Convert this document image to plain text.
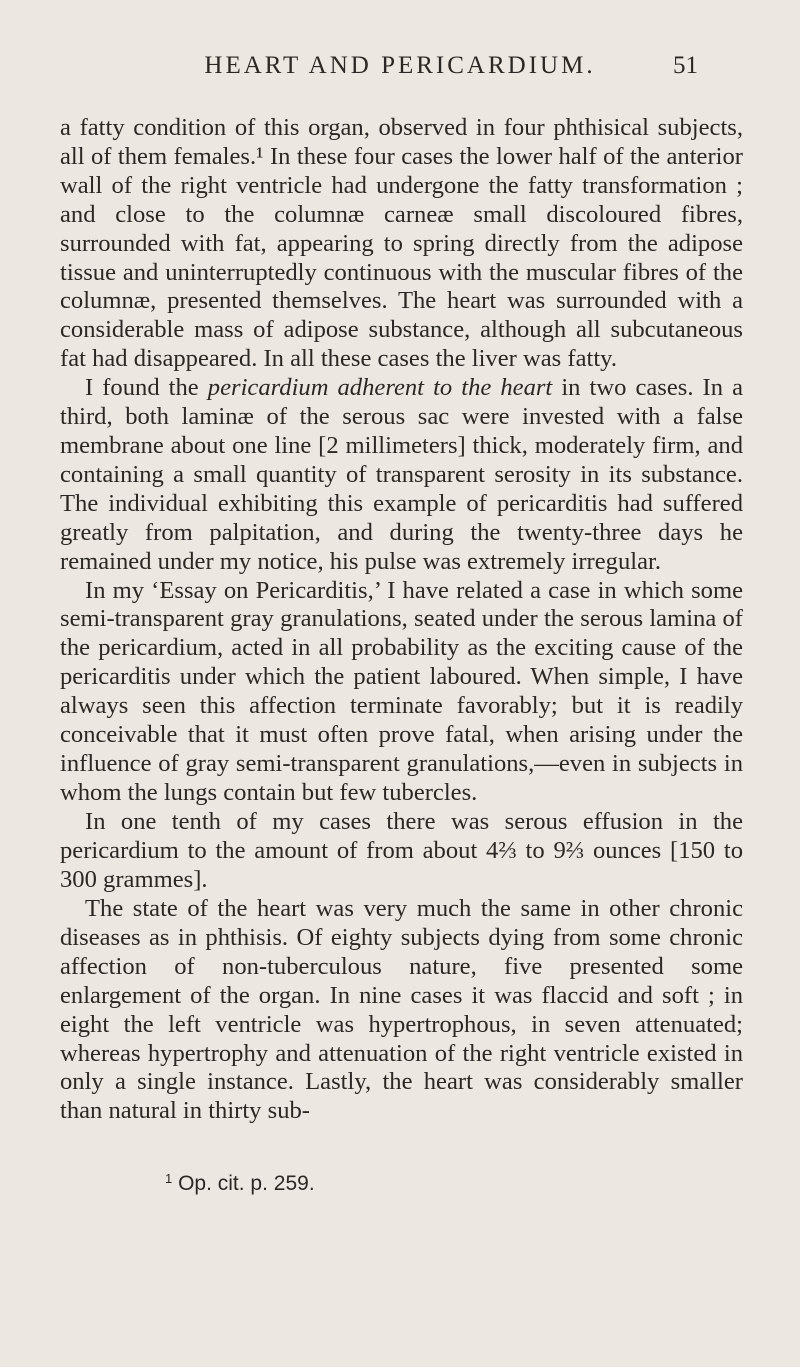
HEART AND PERICARDIUM.	51

a fatty condition of this organ, observed in four phthisical subjects, all of them females.¹ In these four cases the lower half of the anterior wall of the right ventricle had undergone the fatty transformation ; and close to the columnæ carneæ small discoloured fibres, surrounded with fat, appearing to spring directly from the adipose tissue and uninterruptedly continuous with the muscular fibres of the columnæ, presented themselves. The heart was surrounded with a considerable mass of adipose substance, although all subcutaneous fat had disappeared. In all these cases the liver was fatty.

I found the pericardium adherent to the heart in two cases. In a third, both laminæ of the serous sac were invested with a false membrane about one line [2 millimeters] thick, moderately firm, and containing a small quantity of transparent serosity in its substance. The individual exhibiting this example of pericarditis had suffered greatly from palpitation, and during the twenty-three days he remained under my notice, his pulse was extremely irregular.

In my ‘Essay on Pericarditis,’ I have related a case in which some semi-transparent gray granulations, seated under the serous lamina of the pericardium, acted in all probability as the exciting cause of the pericarditis under which the patient laboured. When simple, I have always seen this affection terminate favorably; but it is readily conceivable that it must often prove fatal, when arising under the influence of gray semi-transparent granulations,—even in subjects in whom the lungs contain but few tubercles.

In one tenth of my cases there was serous effusion in the pericardium to the amount of from about 4⅔ to 9⅔ ounces [150 to 300 grammes].

The state of the heart was very much the same in other chronic diseases as in phthisis. Of eighty subjects dying from some chronic affection of non-tuberculous nature, five presented some enlargement of the organ. In nine cases it was flaccid and soft ; in eight the left ventricle was hypertrophous, in seven attenuated; whereas hypertrophy and attenuation of the right ventricle existed in only a single instance. Lastly, the heart was considerably smaller than natural in thirty sub-

$^1$ Op. cit. p. 259.
